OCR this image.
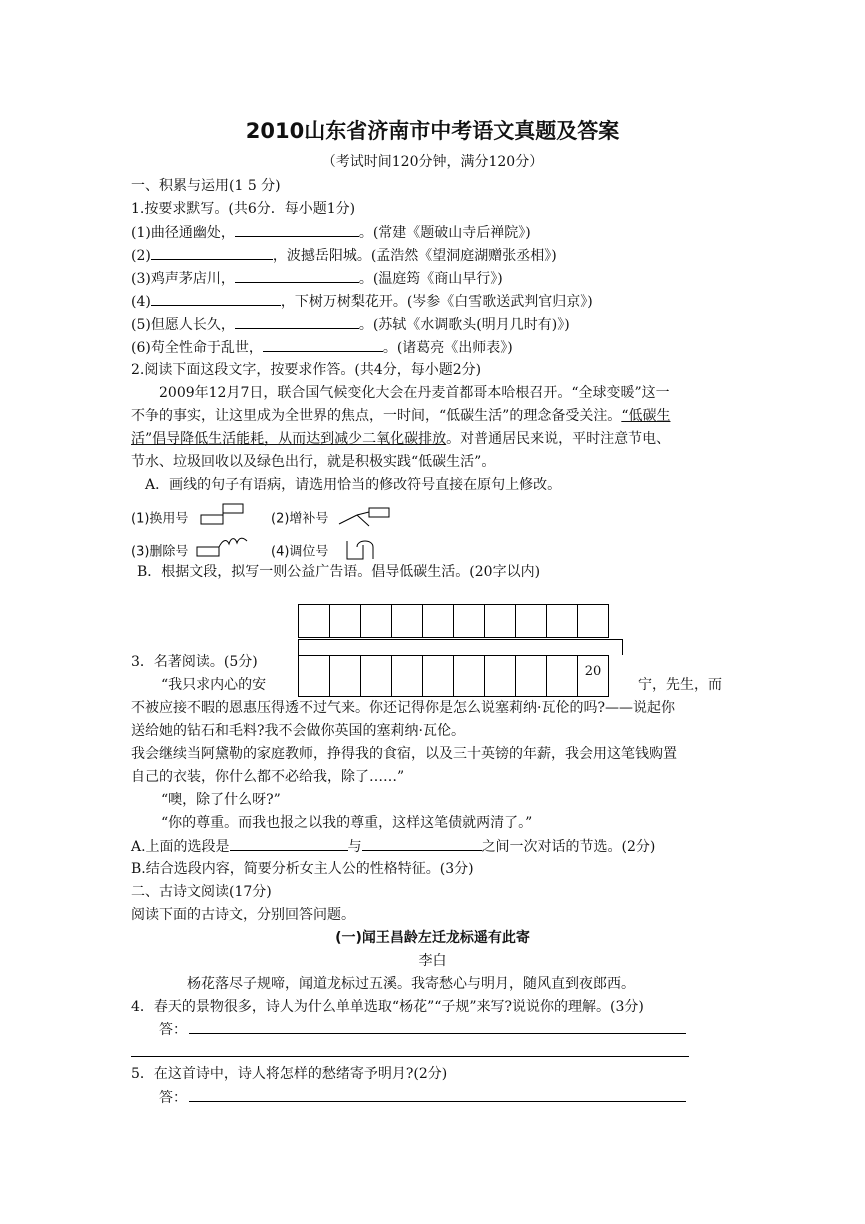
2010山东省济南市中考语文真题及答案
（考试时间120分钟，满分120分）
一、积累与运用(1 5 分)
1.按要求默写。(共6分．每小题1分)
(1)曲径通幽处，	。(常建《题破山寺后禅院》)
(2)	，波撼岳阳城。(孟浩然《望洞庭湖赠张丞相》)
(3)鸡声茅店川，	。(温庭筠《商山早行》)
(4)	，下树万树梨花开。(岑参《白雪歌送武判官归京》)
(5)但愿人长久，	。(苏轼《水调歌头(明月几时有)》)
(6)苟全性命于乱世，	。(诸葛亮《出师表》)
2.阅读下面这段文字，按要求作答。(共4分，每小题2分)
2009年12月7日，联合国气候变化大会在丹麦首都哥本哈根召开。“全球变暖”这一
不争的事实，让这里成为全世界的焦点，一时间，“低碳生活”的理念备受关注。“低碳生
活”倡导降低生活能耗，从而达到减少二氧化碳排放。对普通居民来说，平时注意节电、
节水、垃圾回收以及绿色出行，就是积极实践“低碳生活”。
A．画线的句子有语病，请选用恰当的修改符号直接在原句上修改。
(1)换用号	(2)增补号
(3)删除号	(4)调位号
B．根据文段，拟写一则公益广告语。倡导低碳生活。(20字以内)

									20
3．名著阅读。(5分)
“我只求内心的安	宁，先生，而
不被应接不暇的恩惠压得透不过气来。你还记得你是怎么说塞莉纳·瓦伦的吗?——说起你
送给她的钻石和毛料?我不会做你英国的塞莉纳·瓦伦。
我会继续当阿黛勒的家庭教师，挣得我的食宿，以及三十英镑的年薪，我会用这笔钱购置
自己的衣装，你什么都不必给我，除了……”
“噢，除了什么呀?”
“你的尊重。而我也报之以我的尊重，这样这笔债就两清了。”
A.上面的选段是	与	之间一次对话的节选。(2分)
B.结合选段内容，简要分析女主人公的性格特征。(3分)
二、古诗文阅读(17分)
阅读下面的古诗文，分别回答问题。
(一)闻王昌龄左迁龙标遥有此寄
李白
杨花落尽子规啼，闻道龙标过五溪。我寄愁心与明月，随风直到夜郎西。
4．春天的景物很多，诗人为什么单单选取“杨花”“子规”来写?说说你的理解。(3分)
答：
5．在这首诗中，诗人将怎样的愁绪寄予明月?(2分)
答：
